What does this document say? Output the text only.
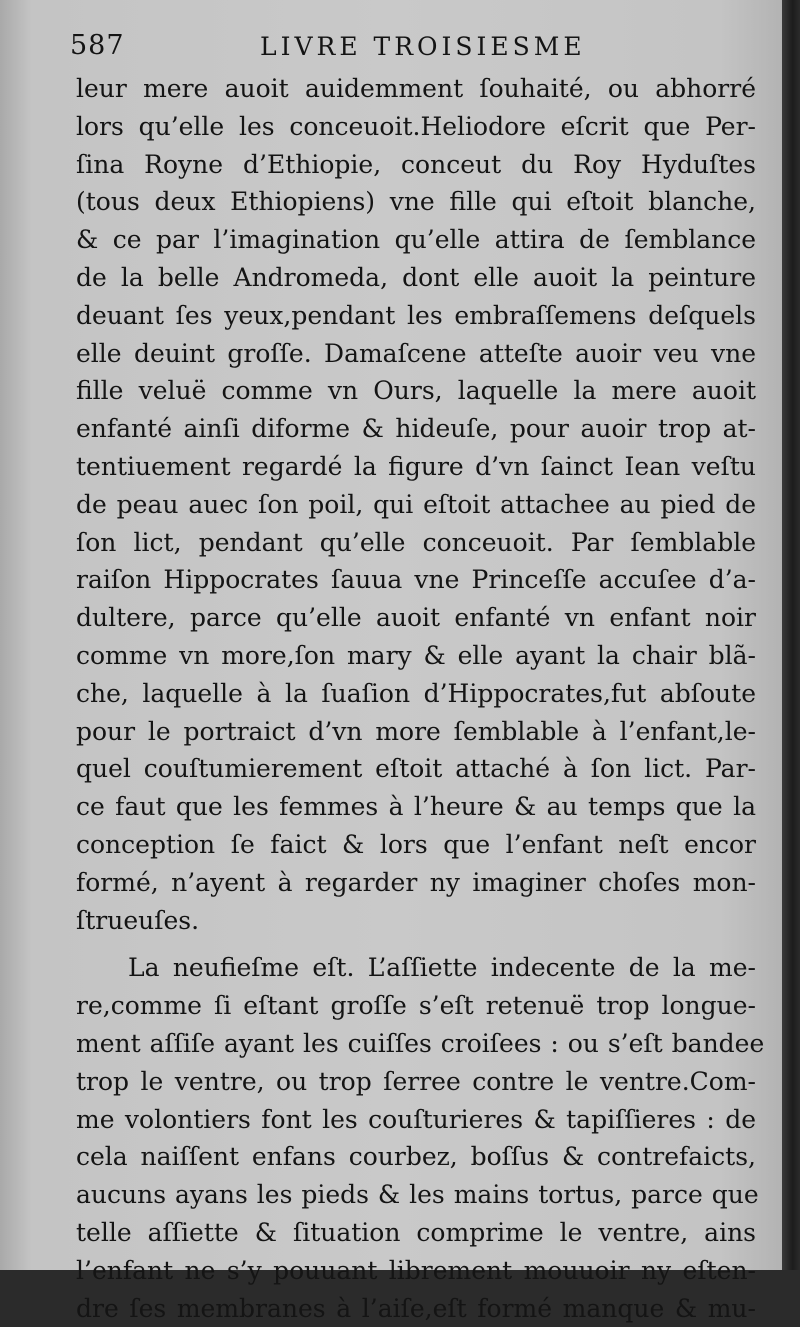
587	LIVRE TROISIESME
leur mere auoit auidemment ſouhaité, ou abhorré
lors qu’elle les conceuoit.Heliodore eſcrit que Per-
ſina Royne d’Ethiopie, conceut du Roy Hyduſtes
(tous deux Ethiopiens) vne fille qui eſtoit blanche,
& ce par l’imagination qu’elle attira de ſemblance
de la belle Andromeda, dont elle auoit la peinture
deuant ſes yeux,pendant les embraſſemens deſquels
elle deuint groſſe. Damaſcene atteſte auoir veu vne
fille veluë comme vn Ours, laquelle la mere auoit
enfanté ainſi diforme & hideuſe, pour auoir trop at-
tentiuement regardé la figure d’vn ſainct Iean veſtu
de peau auec ſon poil, qui eſtoit attachee au pied de
ſon lict, pendant qu’elle conceuoit. Par ſemblable
raiſon Hippocrates ſauua vne Princeſſe accuſee d’a-
dultere, parce qu’elle auoit enfanté vn enfant noir
comme vn more,ſon mary & elle ayant la chair blã-
che, laquelle à la ſuaſion d’Hippocrates,fut abſoute
pour le portraict d’vn more ſemblable à l’enfant,le-
quel couſtumierement eſtoit attaché à ſon lict. Par-
ce faut que les femmes à l’heure & au temps que la
conception ſe faict & lors que l’enfant neſt encor
formé, n’ayent à regarder ny imaginer choſes mon-
ſtrueuſes.
La neufieſme eſt. L’aſſiette indecente de la me-
re,comme ſi eſtant groſſe s’eſt retenuë trop longue-
ment aſſiſe ayant les cuiſſes croiſees : ou s’eſt bandee
trop le ventre, ou trop ſerree contre le ventre.Com-
me volontiers font les couſturieres & tapiſſieres : de
cela naiſſent enfans courbez, boſſus & contrefaicts,
aucuns ayans les pieds & les mains tortus, parce que
telle aſſiette & ſituation comprime le ventre, ains
l’enfant ne s’y pouuant librement mouuoir ny eſten-
dre ſes membranes à l’aiſe,eſt formé manque & mu-
